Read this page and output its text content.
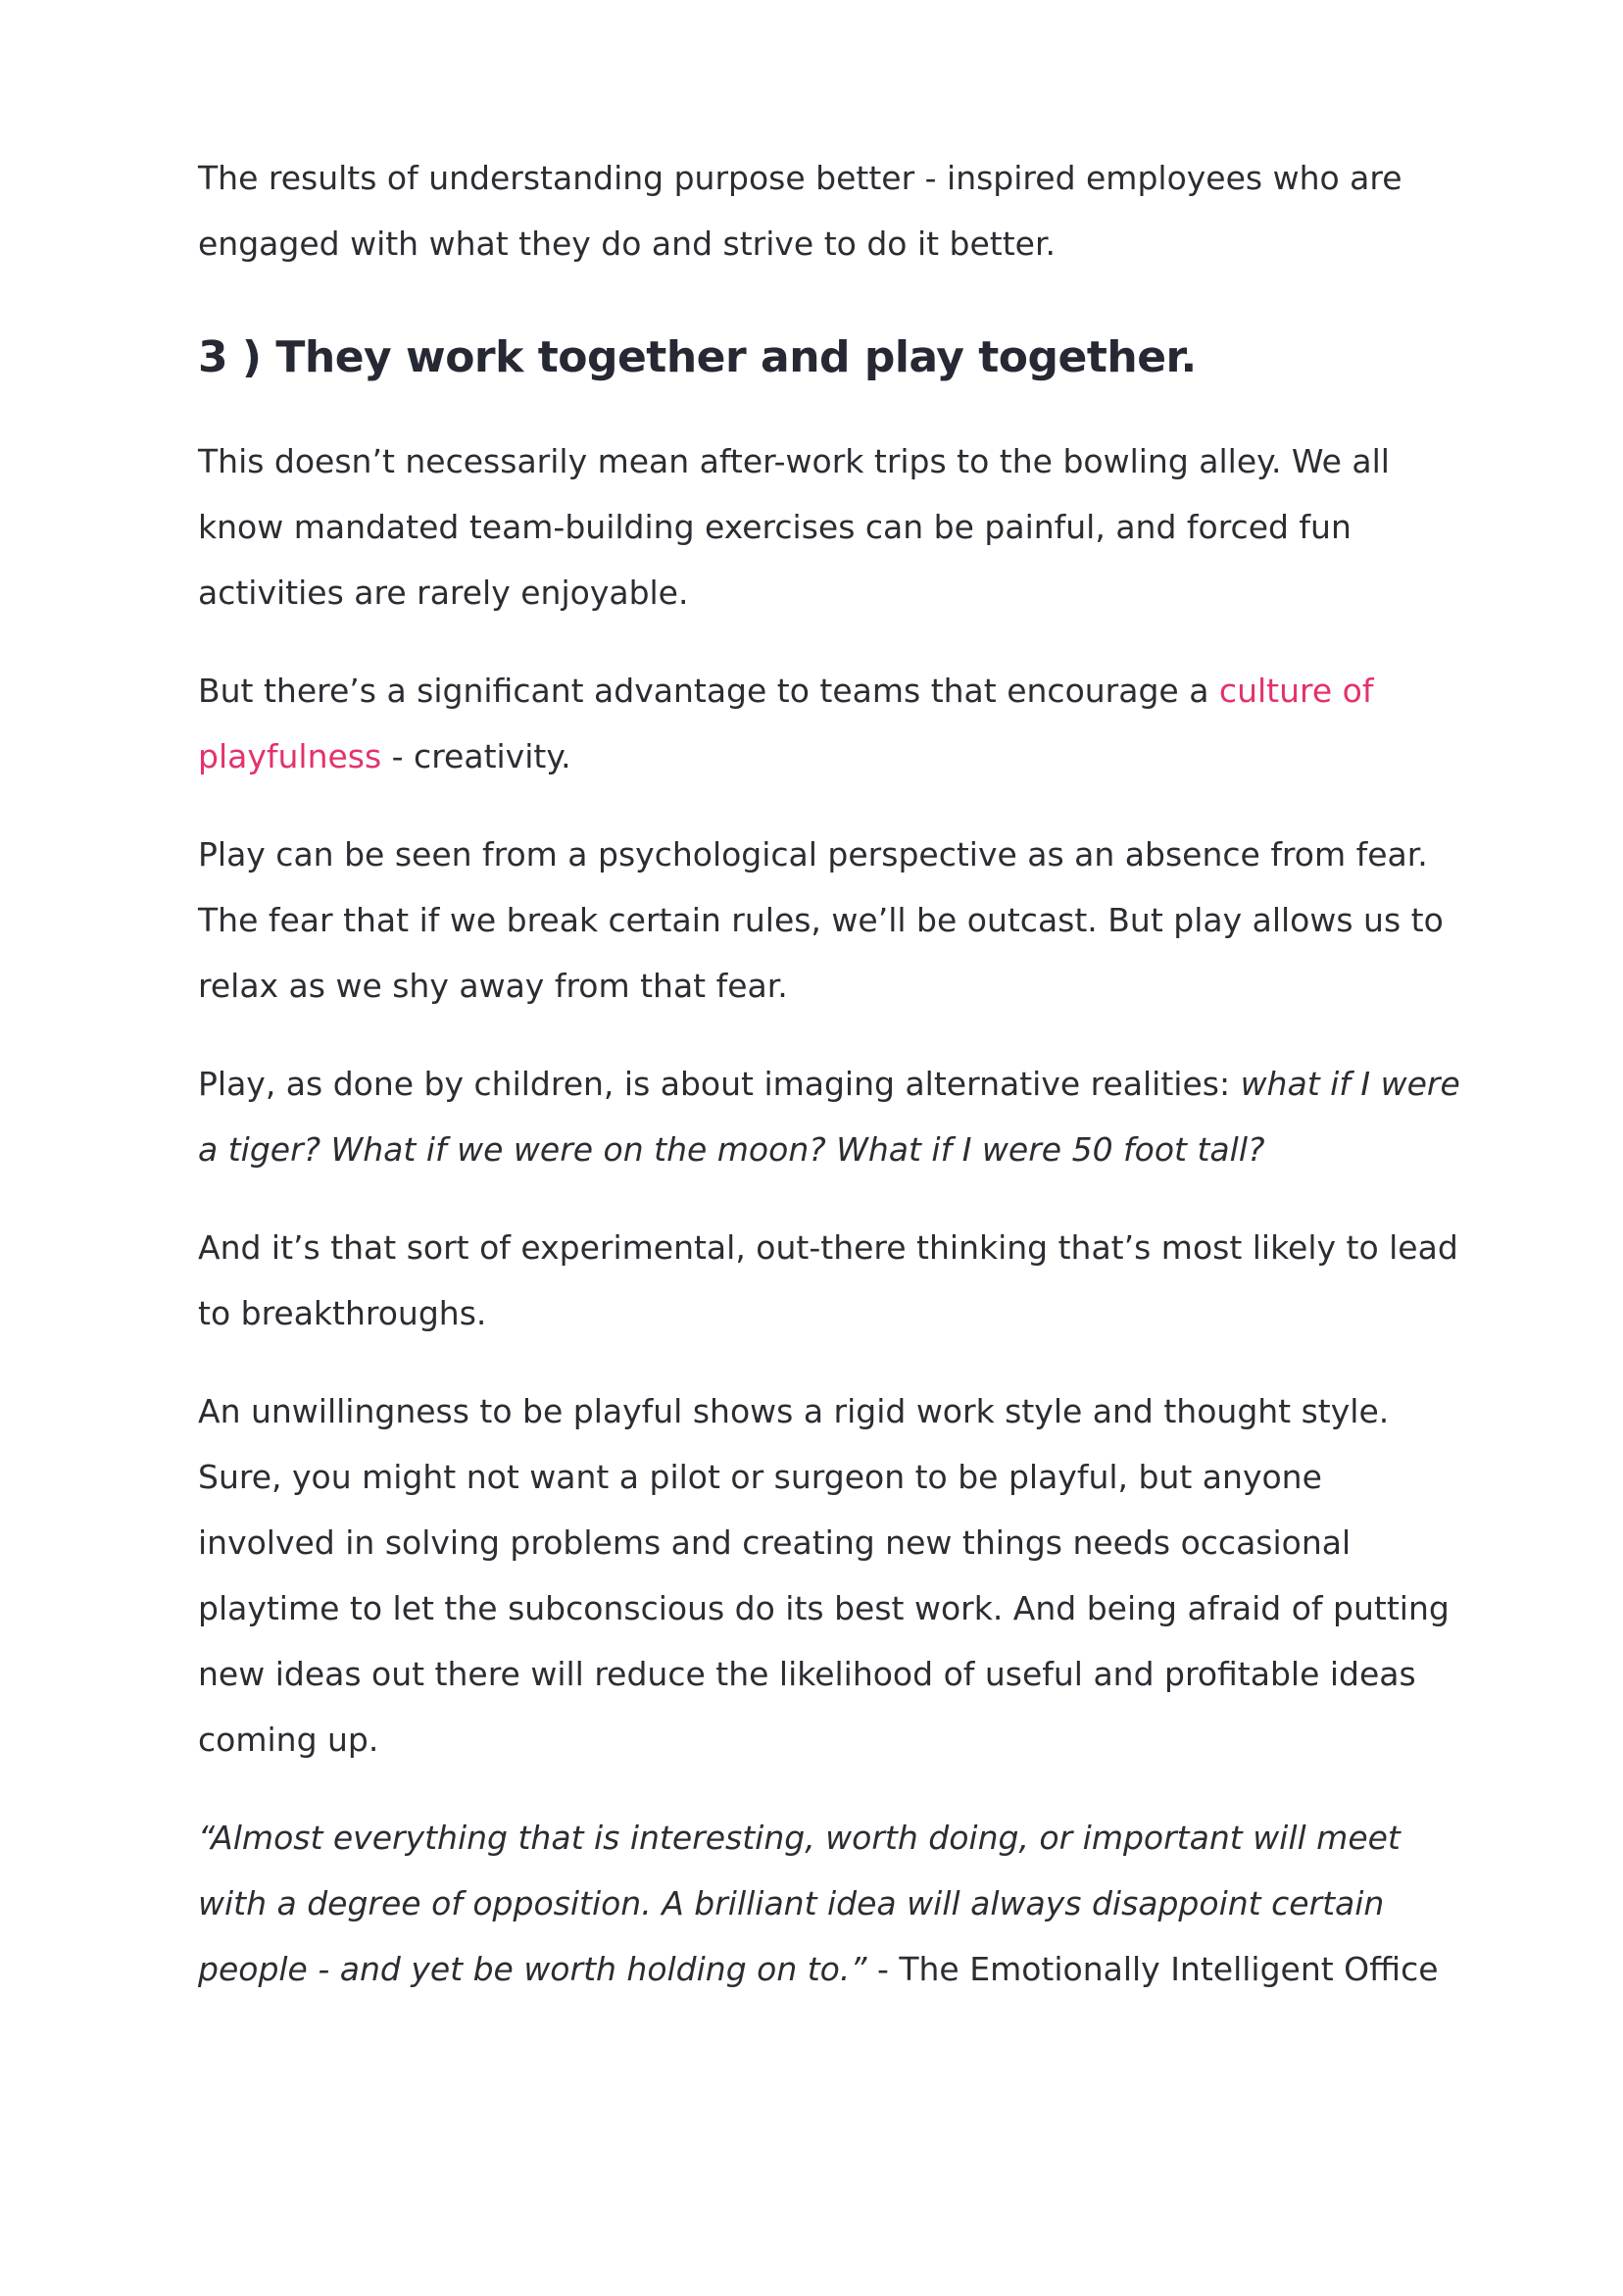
The results of understanding purpose better - inspired employees who are engaged with what they do and strive to do it better.

3 ) They work together and play together.

This doesn’t necessarily mean after-work trips to the bowling alley. We all know mandated team-building exercises can be painful, and forced fun activities are rarely enjoyable.

But there’s a significant advantage to teams that encourage a culture of playfulness - creativity.

Play can be seen from a psychological perspective as an absence from fear. The fear that if we break certain rules, we’ll be outcast. But play allows us to relax as we shy away from that fear.

Play, as done by children, is about imaging alternative realities: what if I were a tiger? What if we were on the moon? What if I were 50 foot tall?

And it’s that sort of experimental, out-there thinking that’s most likely to lead to breakthroughs.

An unwillingness to be playful shows a rigid work style and thought style. Sure, you might not want a pilot or surgeon to be playful, but anyone involved in solving problems and creating new things needs occasional playtime to let the subconscious do its best work. And being afraid of putting new ideas out there will reduce the likelihood of useful and profitable ideas coming up.

“Almost everything that is interesting, worth doing, or important will meet with a degree of opposition. A brilliant idea will always disappoint certain people - and yet be worth holding on to.” - The Emotionally Intelligent Office
